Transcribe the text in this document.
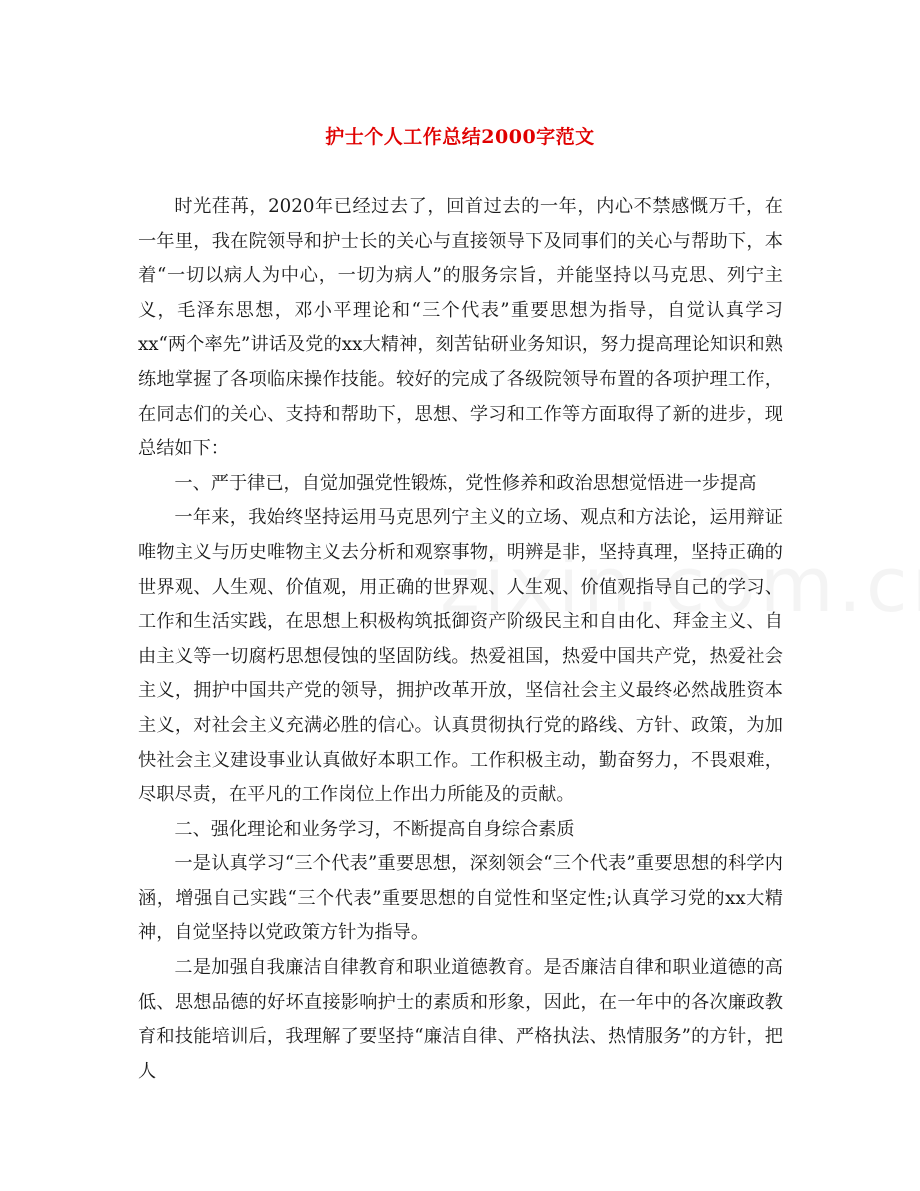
护士个人工作总结2000字范文

时光荏苒，2020年已经过去了，回首过去的一年，内心不禁感慨万千，在一年里，我在院领导和护士长的关心与直接领导下及同事们的关心与帮助下，本着“一切以病人为中心，一切为病人”的服务宗旨，并能坚持以马克思、列宁主义，毛泽东思想，邓小平理论和“三个代表”重要思想为指导，自觉认真学习xx“两个率先”讲话及党的xx大精神，刻苦钻研业务知识，努力提高理论知识和熟练地掌握了各项临床操作技能。较好的完成了各级院领导布置的各项护理工作，在同志们的关心、支持和帮助下，思想、学习和工作等方面取得了新的进步，现总结如下：

一、严于律已，自觉加强党性锻炼，党性修养和政治思想觉悟进一步提高

一年来，我始终坚持运用马克思列宁主义的立场、观点和方法论，运用辩证唯物主义与历史唯物主义去分析和观察事物，明辨是非，坚持真理，坚持正确的世界观、人生观、价值观，用正确的世界观、人生观、价值观指导自己的学习、工作和生活实践，在思想上积极构筑抵御资产阶级民主和自由化、拜金主义、自由主义等一切腐朽思想侵蚀的坚固防线。热爱祖国，热爱中国共产党，热爱社会主义，拥护中国共产党的领导，拥护改革开放，坚信社会主义最终必然战胜资本主义，对社会主义充满必胜的信心。认真贯彻执行党的路线、方针、政策，为加快社会主义建设事业认真做好本职工作。工作积极主动，勤奋努力，不畏艰难，尽职尽责，在平凡的工作岗位上作出力所能及的贡献。

二、强化理论和业务学习，不断提高自身综合素质

一是认真学习“三个代表”重要思想，深刻领会“三个代表”重要思想的科学内涵，增强自己实践“三个代表”重要思想的自觉性和坚定性;认真学习党的xx大精神，自觉坚持以党政策方针为指导。

二是加强自我廉洁自律教育和职业道德教育。是否廉洁自律和职业道德的高低、思想品德的好坏直接影响护士的素质和形象，因此，在一年中的各次廉政教育和技能培训后，我理解了要坚持“廉洁自律、严格执法、热情服务”的方针，把人
